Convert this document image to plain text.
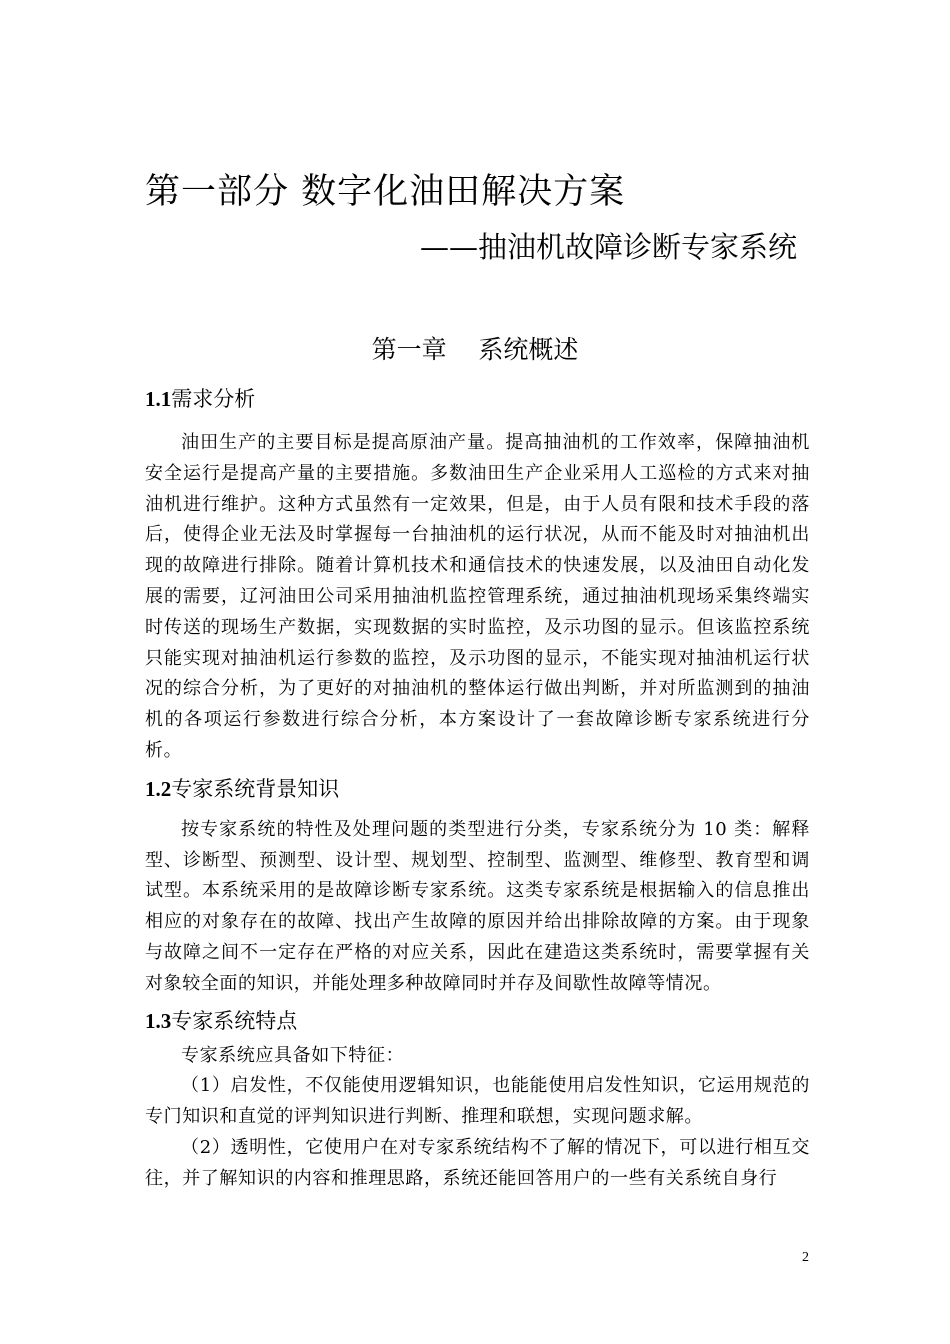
第一部分 数字化油田解决方案
——抽油机故障诊断专家系统
第一章    系统概述
1.1需求分析

油田生产的主要目标是提高原油产量。提高抽油机的工作效率，保障抽油机安全运行是提高产量的主要措施。多数油田生产企业采用人工巡检的方式来对抽油机进行维护。这种方式虽然有一定效果，但是，由于人员有限和技术手段的落后，使得企业无法及时掌握每一台抽油机的运行状况，从而不能及时对抽油机出现的故障进行排除。随着计算机技术和通信技术的快速发展，以及油田自动化发展的需要，辽河油田公司采用抽油机监控管理系统，通过抽油机现场采集终端实时传送的现场生产数据，实现数据的实时监控，及示功图的显示。但该监控系统只能实现对抽油机运行参数的监控，及示功图的显示，不能实现对抽油机运行状况的综合分析，为了更好的对抽油机的整体运行做出判断，并对所监测到的抽油机的各项运行参数进行综合分析，本方案设计了一套故障诊断专家系统进行分析。

1.2专家系统背景知识

按专家系统的特性及处理问题的类型进行分类，专家系统分为 10 类：解释型、诊断型、预测型、设计型、规划型、控制型、监测型、维修型、教育型和调试型。本系统采用的是故障诊断专家系统。这类专家系统是根据输入的信息推出相应的对象存在的故障、找出产生故障的原因并给出排除故障的方案。由于现象与故障之间不一定存在严格的对应关系，因此在建造这类系统时，需要掌握有关对象较全面的知识，并能处理多种故障同时并存及间歇性故障等情况。

1.3专家系统特点

专家系统应具备如下特征：

（1）启发性，不仅能使用逻辑知识，也能能使用启发性知识，它运用规范的专门知识和直觉的评判知识进行判断、推理和联想，实现问题求解。

（2）透明性，它使用户在对专家系统结构不了解的情况下，可以进行相互交往，并了解知识的内容和推理思路，系统还能回答用户的一些有关系统自身行

2
